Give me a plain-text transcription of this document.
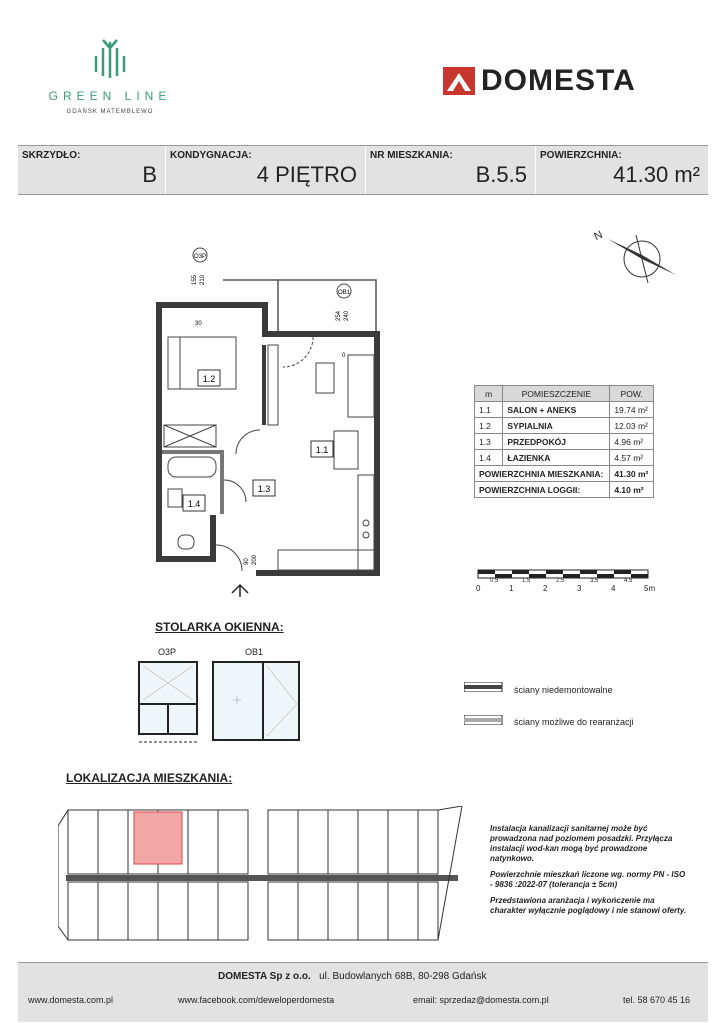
GREEN LINE
GDAŃSK MATEMBLEWO
DOMESTA
SKRZYDŁO:
B
KONDYGNACJA:
4 PIĘTRO
NR MIESZKANIA:
B.5.5
POWIERZCHNIA:
41.30 m²
N
O3P
OB1
155 210
30
254 240
0
90 200
1.2
1.1
1.3
1.4
m	POMIESZCZENIE	POW.
1.1	SALON + ANEKS	19.74 m²
1.2	SYPIALNIA	12.03 m²
1.3	PRZEDPOKÓJ	4.96 m²
1.4	ŁAZIENKA	4.57 m²
POWIERZCHNIA MIESZKANIA:		41.30 m²
POWIERZCHNIA LOGGII:		4.10 m²
0
0.5
1
1.5
2
2.5
3
3.5
4
4.5
5m
STOLARKA OKIENNA:
O3P	OB1
ściany niedemontowalne
ściany możliwe do rearanżacji
LOKALIZACJA MIESZKANIA:

Instalacja kanalizacji sanitarnej może być prowadzona nad poziomem posadzki. Przyłącza instalacji wod-kan mogą być prowadzone natynkowo.

Powierzchnie mieszkań liczone wg. normy PN - ISO - 9836 :2022-07 (tolerancja ± 5cm)

Przedstawiona aranżacja i wykończenie ma charakter wyłącznie poglądowy i nie stanowi oferty.

DOMESTA Sp z o.o. ul. Budowlanych 68B, 80-298 Gdańsk
www.domesta.com.pl	www.facebook.com/deweloperdomesta	email: sprzedaz@domesta.com.pl	tel. 58 670 45 16
